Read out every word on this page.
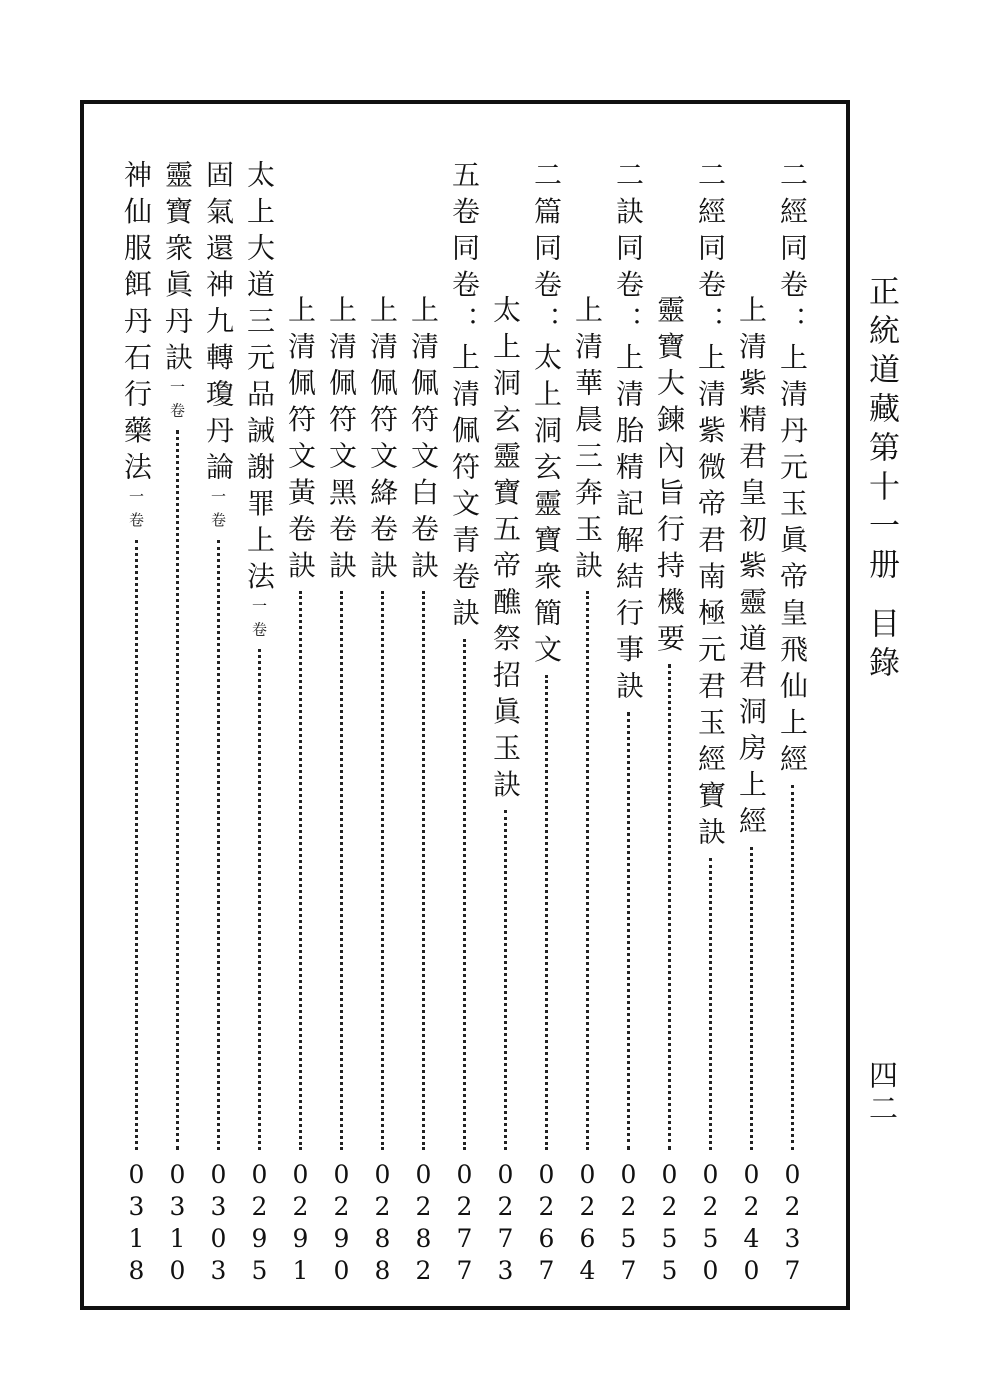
正統道藏第十一册目錄
四二
二經同卷：上清丹元玉眞帝皇飛仙上經
0237
上清紫精君皇初紫靈道君洞房上經
0240
二經同卷：上清紫微帝君南極元君玉經寶訣
0250
靈寶大鍊內旨行持機要
0255
二訣同卷：上清胎精記解結行事訣
0257
上清華晨三奔玉訣
0264
二篇同卷：太上洞玄靈寶衆簡文
0267
太上洞玄靈寶五帝醮祭招眞玉訣
0273
五卷同卷：上清佩符文青卷訣
0277
上清佩符文白卷訣
0282
上清佩符文絳卷訣
0288
上清佩符文黑卷訣
0290
上清佩符文黃卷訣
0291
太上大道三元品誡謝罪上法一卷
0295
固氣還神九轉瓊丹論一卷
0303
靈寶衆眞丹訣一卷
0310
神仙服餌丹石行藥法一卷
0318
